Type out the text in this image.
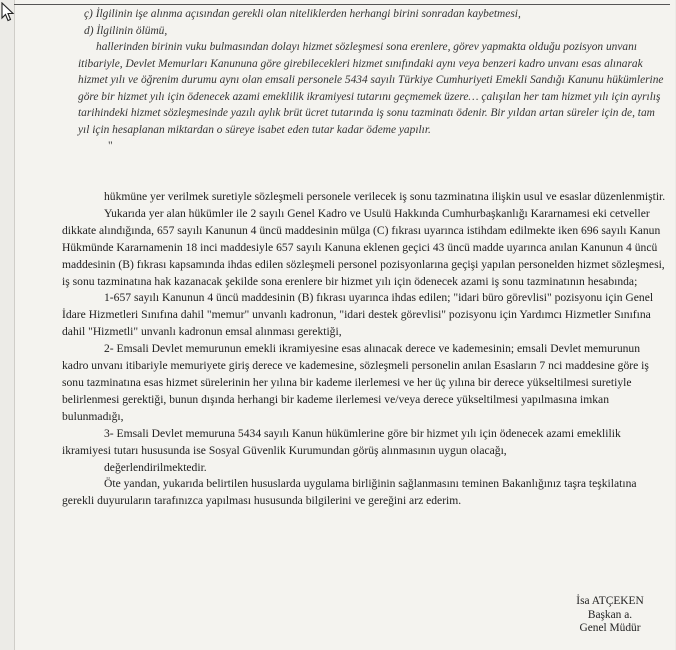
ç) İlgilinin işe alınma açısından gerekli olan niteliklerden herhangi birini sonradan kaybetmesi,

d) İlgilinin ölümü,

hallerinden birinin vuku bulmasından dolayı hizmet sözleşmesi sona erenlere, görev yapmakta olduğu pozisyon unvanı itibariyle, Devlet Memurları Kanununa göre girebilecekleri hizmet sınıfındaki aynı veya benzeri kadro unvanı esas alınarak hizmet yılı ve öğrenim durumu aynı olan emsali personele 5434 sayılı Türkiye Cumhuriyeti Emekli Sandığı Kanunu hükümlerine göre bir hizmet yılı için ödenecek azami emeklilik ikramiyesi tutarını geçmemek üzere… çalışılan her tam hizmet yılı için ayrılış tarihindeki hizmet sözleşmesinde yazılı aylık brüt ücret tutarında iş sonu tazminatı ödenir. Bir yıldan artan süreler için de, tam yıl için hesaplanan miktardan o süreye isabet eden tutar kadar ödeme yapılır.

"

hükmüne yer verilmek suretiyle sözleşmeli personele verilecek iş sonu tazminatına ilişkin usul ve esaslar düzenlenmiştir.

Yukarıda yer alan hükümler ile 2 sayılı Genel Kadro ve Usulü Hakkında Cumhurbaşkanlığı Kararnamesi eki cetveller dikkate alındığında, 657 sayılı Kanunun 4 üncü maddesinin mülga (C) fıkrası uyarınca istihdam edilmekte iken 696 sayılı Kanun Hükmünde Kararnamenin 18 inci maddesiyle 657 sayılı Kanuna eklenen geçici 43 üncü madde uyarınca anılan Kanunun 4 üncü maddesinin (B) fıkrası kapsamında ihdas edilen sözleşmeli personel pozisyonlarına geçişi yapılan personelden hizmet sözleşmesi, iş sonu tazminatına hak kazanacak şekilde sona erenlere bir hizmet yılı için ödenecek azami iş sonu tazminatının hesabında;

1-657 sayılı Kanunun 4 üncü maddesinin (B) fıkrası uyarınca ihdas edilen; "idari büro görevlisi" pozisyonu için Genel İdare Hizmetleri Sınıfına dahil "memur" unvanlı kadronun, "idari destek görevlisi" pozisyonu için Yardımcı Hizmetler Sınıfına dahil "Hizmetli" unvanlı kadronun emsal alınması gerektiği,

2- Emsali Devlet memurunun emekli ikramiyesine esas alınacak derece ve kademesinin; emsali Devlet memurunun kadro unvanı itibariyle memuriyete giriş derece ve kademesine, sözleşmeli personelin anılan Esasların 7 nci maddesine göre iş sonu tazminatına esas hizmet sürelerinin her yılına bir kademe ilerlemesi ve her üç yılına bir derece yükseltilmesi suretiyle belirlenmesi gerektiği, bunun dışında herhangi bir kademe ilerlemesi ve/veya derece yükseltilmesi yapılmasına imkan bulunmadığı,

3- Emsali Devlet memuruna 5434 sayılı Kanun hükümlerine göre bir hizmet yılı için ödenecek azami emeklilik ikramiyesi tutarı hususunda ise Sosyal Güvenlik Kurumundan görüş alınmasının uygun olacağı,

değerlendirilmektedir.

Öte yandan, yukarıda belirtilen hususlarda uygulama birliğinin sağlanmasını teminen Bakanlığınız taşra teşkilatına gerekli duyuruların tarafınızca yapılması hususunda bilgilerini ve gereğini arz ederim.

İsa ATÇEKEN
Başkan a.
Genel Müdür
